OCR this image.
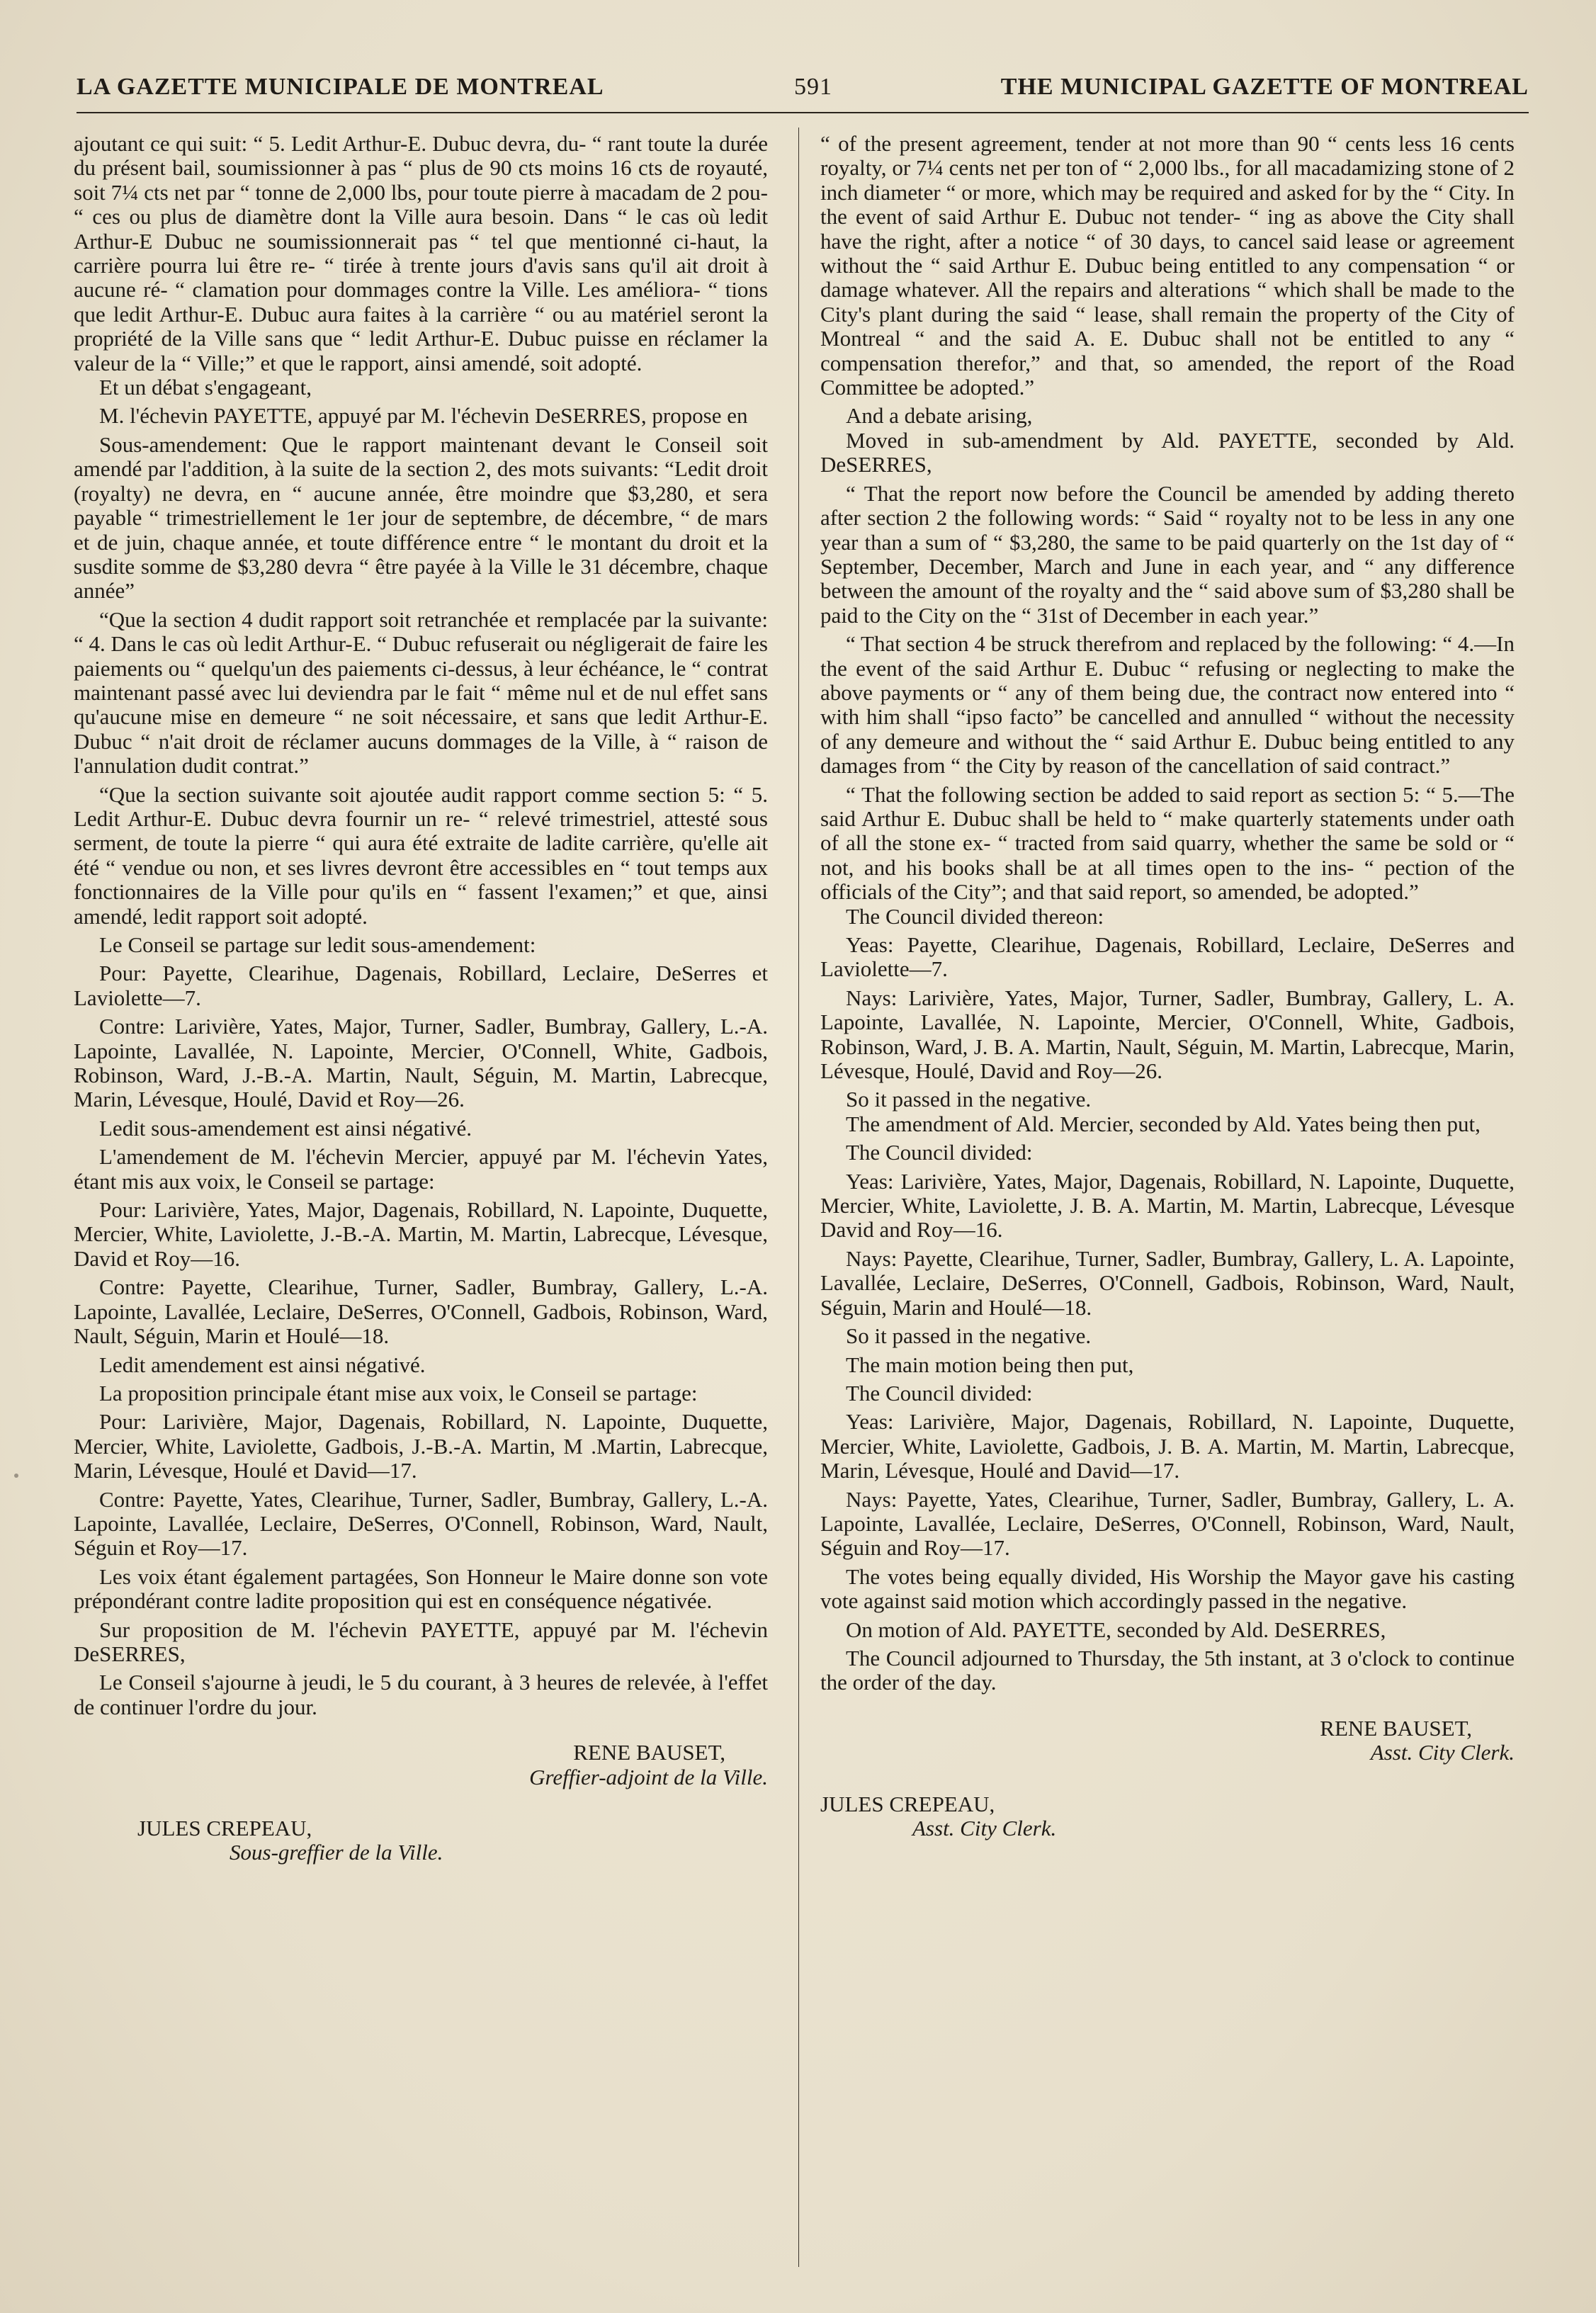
LA GAZETTE MUNICIPALE DE MONTREAL	591	THE MUNICIPAL GAZETTE OF MONTREAL

ajoutant ce qui suit: “ 5. Ledit Arthur-E. Dubuc devra, du- “ rant toute la durée du présent bail, soumissionner à pas “ plus de 90 cts moins 16 cts de royauté, soit 7¼ cts net par “ tonne de 2,000 lbs, pour toute pierre à macadam de 2 pou- “ ces ou plus de diamètre dont la Ville aura besoin. Dans “ le cas où ledit Arthur-E Dubuc ne soumissionnerait pas “ tel que mentionné ci-haut, la carrière pourra lui être re- “ tirée à trente jours d'avis sans qu'il ait droit à aucune ré- “ clamation pour dommages contre la Ville. Les améliora- “ tions que ledit Arthur-E. Dubuc aura faites à la carrière “ ou au matériel seront la propriété de la Ville sans que “ ledit Arthur-E. Dubuc puisse en réclamer la valeur de la “ Ville;” et que le rapport, ainsi amendé, soit adopté.

Et un débat s'engageant,

M. l'échevin PAYETTE, appuyé par M. l'échevin DeSERRES, propose en

Sous-amendement: Que le rapport maintenant devant le Conseil soit amendé par l'addition, à la suite de la section 2, des mots suivants: “Ledit droit (royalty) ne devra, en “ aucune année, être moindre que $3,280, et sera payable “ trimestriellement le 1er jour de septembre, de décembre, “ de mars et de juin, chaque année, et toute différence entre “ le montant du droit et la susdite somme de $3,280 devra “ être payée à la Ville le 31 décembre, chaque année”

“Que la section 4 dudit rapport soit retranchée et remplacée par la suivante: “ 4. Dans le cas où ledit Arthur-E. “ Dubuc refuserait ou négligerait de faire les paiements ou “ quelqu'un des paiements ci-dessus, à leur échéance, le “ contrat maintenant passé avec lui deviendra par le fait “ même nul et de nul effet sans qu'aucune mise en demeure “ ne soit nécessaire, et sans que ledit Arthur-E. Dubuc “ n'ait droit de réclamer aucuns dommages de la Ville, à “ raison de l'annulation dudit contrat.”

“Que la section suivante soit ajoutée audit rapport comme section 5: “ 5. Ledit Arthur-E. Dubuc devra fournir un re- “ relevé trimestriel, attesté sous serment, de toute la pierre “ qui aura été extraite de ladite carrière, qu'elle ait été “ vendue ou non, et ses livres devront être accessibles en “ tout temps aux fonctionnaires de la Ville pour qu'ils en “ fassent l'examen;” et que, ainsi amendé, ledit rapport soit adopté.

Le Conseil se partage sur ledit sous-amendement:

Pour: Payette, Clearihue, Dagenais, Robillard, Leclaire, DeSerres et Laviolette—7.

Contre: Larivière, Yates, Major, Turner, Sadler, Bumbray, Gallery, L.-A. Lapointe, Lavallée, N. Lapointe, Mercier, O'Connell, White, Gadbois, Robinson, Ward, J.-B.-A. Martin, Nault, Séguin, M. Martin, Labrecque, Marin, Lévesque, Houlé, David et Roy—26.

Ledit sous-amendement est ainsi négativé.

L'amendement de M. l'échevin Mercier, appuyé par M. l'échevin Yates, étant mis aux voix, le Conseil se partage:

Pour: Larivière, Yates, Major, Dagenais, Robillard, N. Lapointe, Duquette, Mercier, White, Laviolette, J.-B.-A. Martin, M. Martin, Labrecque, Lévesque, David et Roy—16.

Contre: Payette, Clearihue, Turner, Sadler, Bumbray, Gallery, L.-A. Lapointe, Lavallée, Leclaire, DeSerres, O'Connell, Gadbois, Robinson, Ward, Nault, Séguin, Marin et Houlé—18.

Ledit amendement est ainsi négativé.

La proposition principale étant mise aux voix, le Conseil se partage:

Pour: Larivière, Major, Dagenais, Robillard, N. Lapointe, Duquette, Mercier, White, Laviolette, Gadbois, J.-B.-A. Martin, M .Martin, Labrecque, Marin, Lévesque, Houlé et David—17.

Contre: Payette, Yates, Clearihue, Turner, Sadler, Bumbray, Gallery, L.-A. Lapointe, Lavallée, Leclaire, DeSerres, O'Connell, Robinson, Ward, Nault, Séguin et Roy—17.

Les voix étant également partagées, Son Honneur le Maire donne son vote prépondérant contre ladite proposition qui est en conséquence négativée.

Sur proposition de M. l'échevin PAYETTE, appuyé par M. l'échevin DeSERRES,

Le Conseil s'ajourne à jeudi, le 5 du courant, à 3 heures de relevée, à l'effet de continuer l'ordre du jour.

RENE BAUSET,
Greffier-adjoint de la Ville.
JULES CREPEAU,
Sous-greffier de la Ville.

“ of the present agreement, tender at not more than 90 “ cents less 16 cents royalty, or 7¼ cents net per ton of “ 2,000 lbs., for all macadamizing stone of 2 inch diameter “ or more, which may be required and asked for by the “ City. In the event of said Arthur E. Dubuc not tender- “ ing as above the City shall have the right, after a notice “ of 30 days, to cancel said lease or agreement without the “ said Arthur E. Dubuc being entitled to any compensation “ or damage whatever. All the repairs and alterations “ which shall be made to the City's plant during the said “ lease, shall remain the property of the City of Montreal “ and the said A. E. Dubuc shall not be entitled to any “ compensation therefor,” and that, so amended, the report of the Road Committee be adopted.”

And a debate arising,

Moved in sub-amendment by Ald. PAYETTE, seconded by Ald. DeSERRES,

“ That the report now before the Council be amended by adding thereto after section 2 the following words: “ Said “ royalty not to be less in any one year than a sum of “ $3,280, the same to be paid quarterly on the 1st day of “ September, December, March and June in each year, and “ any difference between the amount of the royalty and the “ said above sum of $3,280 shall be paid to the City on the “ 31st of December in each year.”

“ That section 4 be struck therefrom and replaced by the following: “ 4.—In the event of the said Arthur E. Dubuc “ refusing or neglecting to make the above payments or “ any of them being due, the contract now entered into “ with him shall “ipso facto” be cancelled and annulled “ without the necessity of any demeure and without the “ said Arthur E. Dubuc being entitled to any damages from “ the City by reason of the cancellation of said contract.”

“ That the following section be added to said report as section 5: “ 5.—The said Arthur E. Dubuc shall be held to “ make quarterly statements under oath of all the stone ex- “ tracted from said quarry, whether the same be sold or “ not, and his books shall be at all times open to the ins- “ pection of the officials of the City”; and that said report, so amended, be adopted.”

The Council divided thereon:

Yeas: Payette, Clearihue, Dagenais, Robillard, Leclaire, DeSerres and Laviolette—7.

Nays: Larivière, Yates, Major, Turner, Sadler, Bumbray, Gallery, L. A. Lapointe, Lavallée, N. Lapointe, Mercier, O'Connell, White, Gadbois, Robinson, Ward, J. B. A. Martin, Nault, Séguin, M. Martin, Labrecque, Marin, Lévesque, Houlé, David and Roy—26.

So it passed in the negative.

The amendment of Ald. Mercier, seconded by Ald. Yates being then put,

The Council divided:

Yeas: Larivière, Yates, Major, Dagenais, Robillard, N. Lapointe, Duquette, Mercier, White, Laviolette, J. B. A. Martin, M. Martin, Labrecque, Lévesque David and Roy—16.

Nays: Payette, Clearihue, Turner, Sadler, Bumbray, Gallery, L. A. Lapointe, Lavallée, Leclaire, DeSerres, O'Connell, Gadbois, Robinson, Ward, Nault, Séguin, Marin and Houlé—18.

So it passed in the negative.

The main motion being then put,

The Council divided:

Yeas: Larivière, Major, Dagenais, Robillard, N. Lapointe, Duquette, Mercier, White, Laviolette, Gadbois, J. B. A. Martin, M. Martin, Labrecque, Marin, Lévesque, Houlé and David—17.

Nays: Payette, Yates, Clearihue, Turner, Sadler, Bumbray, Gallery, L. A. Lapointe, Lavallée, Leclaire, DeSerres, O'Connell, Robinson, Ward, Nault, Séguin and Roy—17.

The votes being equally divided, His Worship the Mayor gave his casting vote against said motion which accordingly passed in the negative.

On motion of Ald. PAYETTE, seconded by Ald. DeSERRES,

The Council adjourned to Thursday, the 5th instant, at 3 o'clock to continue the order of the day.

RENE BAUSET,
Asst. City Clerk.
JULES CREPEAU,
Asst. City Clerk.
